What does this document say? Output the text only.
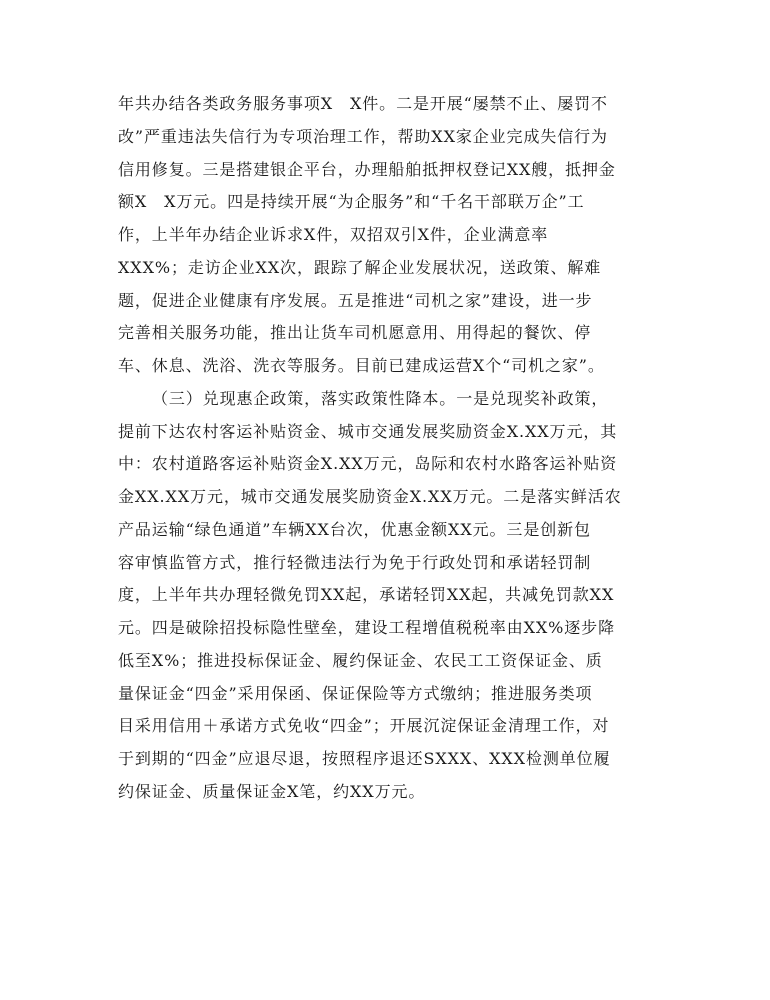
年共办结各类政务服务事项X　X件。二是开展“屡禁不止、屡罚不
改”严重违法失信行为专项治理工作，帮助XX家企业完成失信行为
信用修复。三是搭建银企平台，办理船舶抵押权登记XX艘，抵押金
额X　X万元。四是持续开展“为企服务”和“千名干部联万企”工
作，上半年办结企业诉求X件，双招双引X件，企业满意率
XXX%；走访企业XX次，跟踪了解企业发展状况，送政策、解难
题，促进企业健康有序发展。五是推进“司机之家”建设，进一步
完善相关服务功能，推出让货车司机愿意用、用得起的餐饮、停
车、休息、洗浴、洗衣等服务。目前已建成运营X个“司机之家”。
（三）兑现惠企政策，落实政策性降本。一是兑现奖补政策，
提前下达农村客运补贴资金、城市交通发展奖励资金X.XX万元，其
中：农村道路客运补贴资金X.XX万元，岛际和农村水路客运补贴资
金XX.XX万元，城市交通发展奖励资金X.XX万元。二是落实鲜活农
产品运输“绿色通道”车辆XX台次，优惠金额XX元。三是创新包
容审慎监管方式，推行轻微违法行为免于行政处罚和承诺轻罚制
度，上半年共办理轻微免罚XX起，承诺轻罚XX起，共减免罚款XX
元。四是破除招投标隐性壁垒，建设工程增值税税率由XX%逐步降
低至X%；推进投标保证金、履约保证金、农民工工资保证金、质
量保证金“四金”采用保函、保证保险等方式缴纳；推进服务类项
目采用信用＋承诺方式免收“四金”；开展沉淀保证金清理工作，对
于到期的“四金”应退尽退，按照程序退还SXXX、XXX检测单位履
约保证金、质量保证金X笔，约XX万元。
